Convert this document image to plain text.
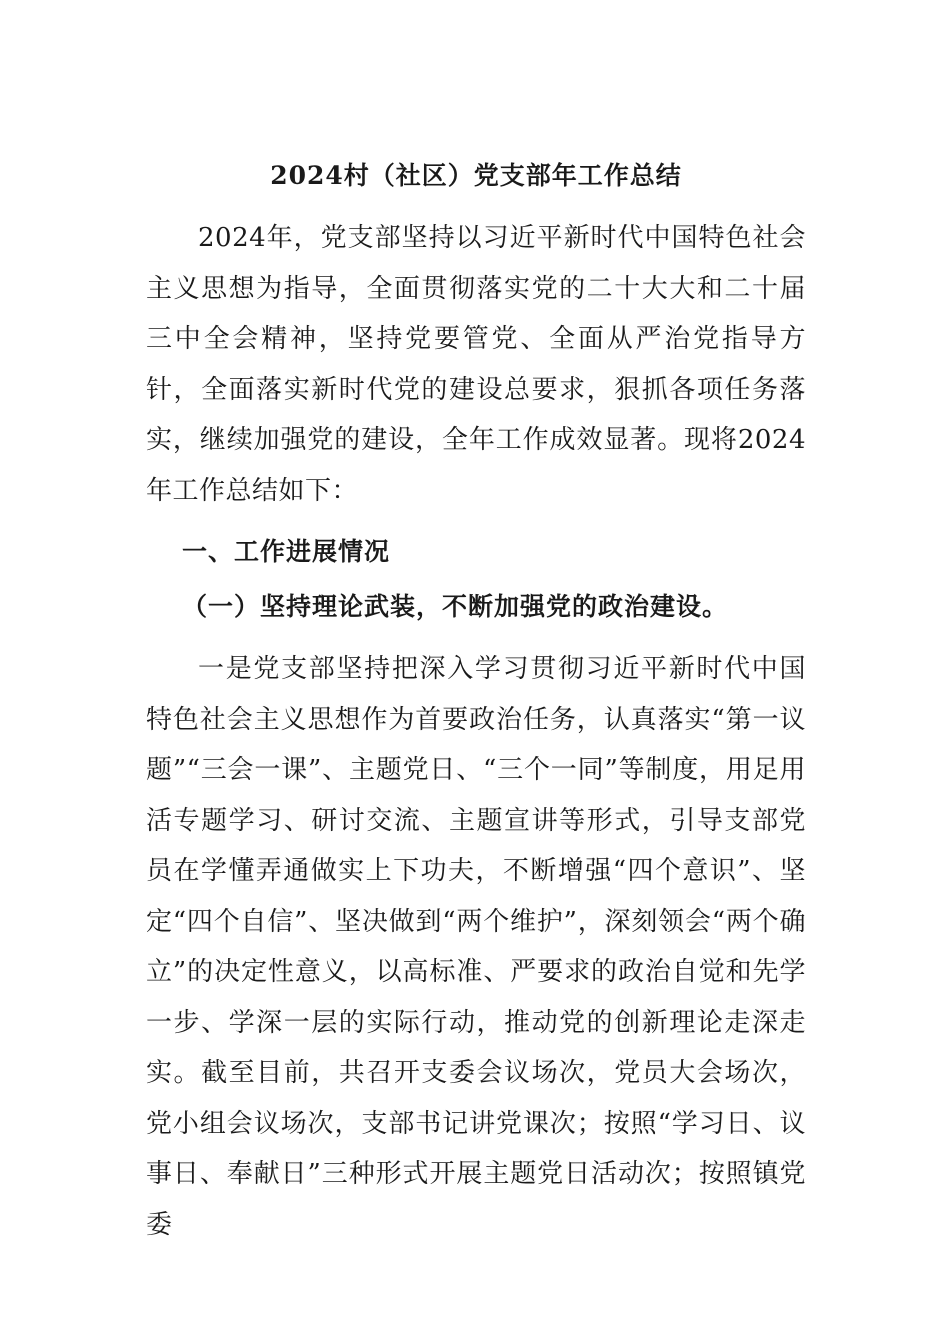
2024村（社区）党支部年工作总结

2024年，党支部坚持以习近平新时代中国特色社会主义思想为指导，全面贯彻落实党的二十大大和二十届三中全会精神，坚持党要管党、全面从严治党指导方针，全面落实新时代党的建设总要求，狠抓各项任务落实，继续加强党的建设，全年工作成效显著。现将2024年工作总结如下：

一、工作进展情况
（一）坚持理论武装，不断加强党的政治建设。

一是党支部坚持把深入学习贯彻习近平新时代中国特色社会主义思想作为首要政治任务，认真落实“第一议题”“三会一课”、主题党日、“三个一同”等制度，用足用活专题学习、研讨交流、主题宣讲等形式，引导支部党员在学懂弄通做实上下功夫，不断增强“四个意识”、坚定“四个自信”、坚决做到“两个维护”，深刻领会“两个确立”的决定性意义，以高标准、严要求的政治自觉和先学一步、学深一层的实际行动，推动党的创新理论走深走实。截至目前，共召开支委会议场次，党员大会场次，党小组会议场次，支部书记讲党课次；按照“学习日、议事日、奉献日”三种形式开展主题党日活动次；按照镇党委
